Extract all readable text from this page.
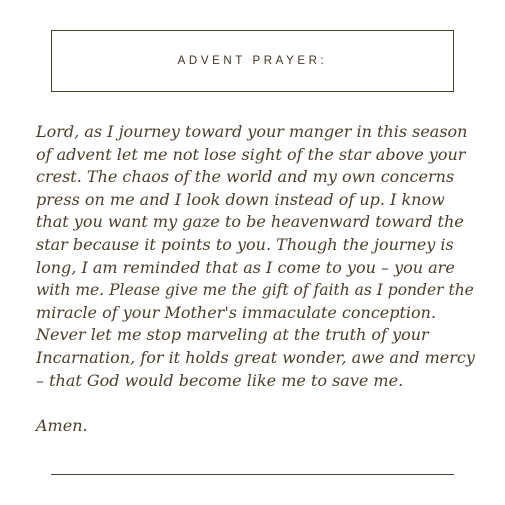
ADVENT PRAYER:
Lord, as I journey toward your manger in this season
of advent let me not lose sight of the star above your
crest. The chaos of the world and my own concerns
press on me and I look down instead of up. I know
that you want my gaze to be heavenward toward the
star because it points to you. Though the journey is
long, I am reminded that as I come to you – you are
with me. Please give me the gift of faith as I ponder the
miracle of your Mother's immaculate conception.
Never let me stop marveling at the truth of your
Incarnation, for it holds great wonder, awe and mercy
– that God would become like me to save me.
Amen.
